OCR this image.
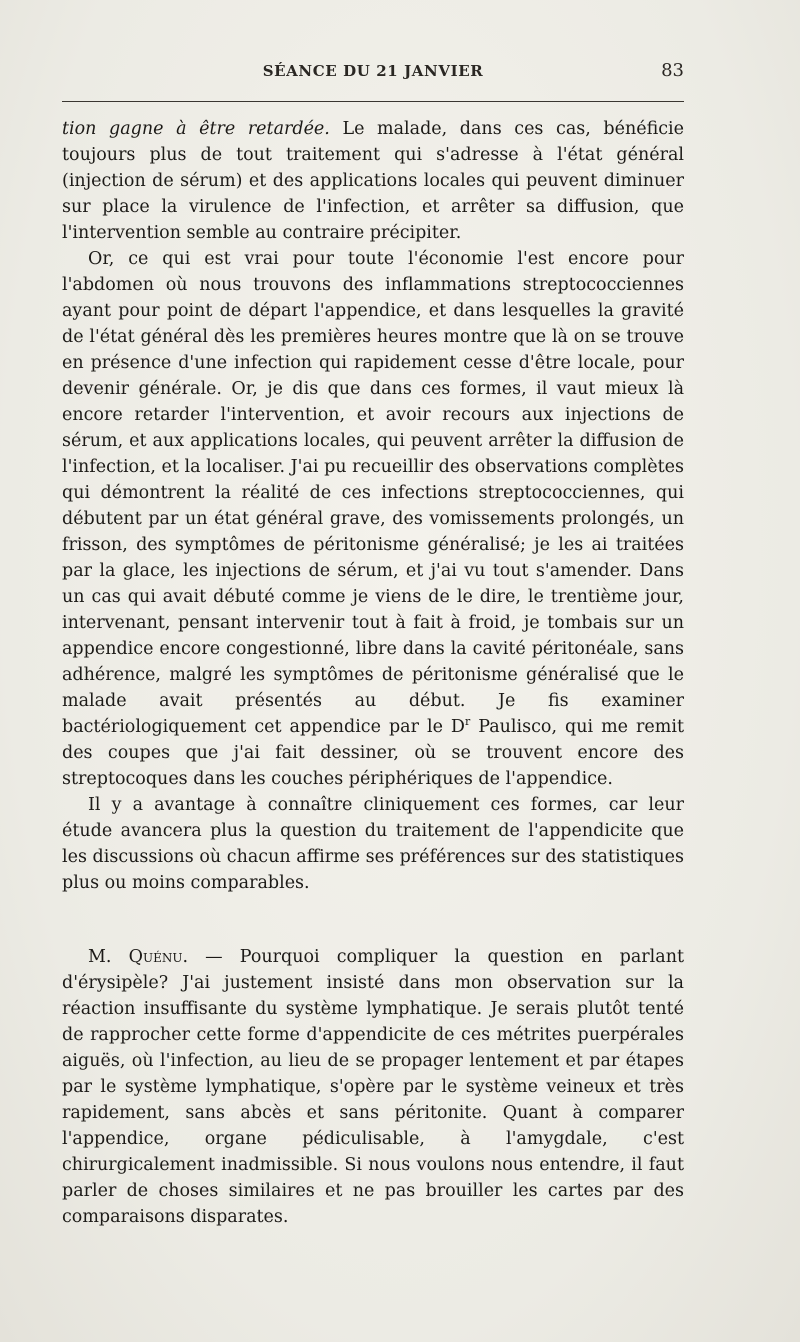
SÉANCE DU 21 JANVIER	83

tion gagne à être retardée. Le malade, dans ces cas, bénéficie toujours plus de tout traitement qui s'adresse à l'état général (injection de sérum) et des applications locales qui peuvent diminuer sur place la virulence de l'infection, et arrêter sa diffusion, que l'intervention semble au contraire précipiter.

Or, ce qui est vrai pour toute l'économie l'est encore pour l'abdomen où nous trouvons des inflammations streptococciennes ayant pour point de départ l'appendice, et dans lesquelles la gravité de l'état général dès les premières heures montre que là on se trouve en présence d'une infection qui rapidement cesse d'être locale, pour devenir générale. Or, je dis que dans ces formes, il vaut mieux là encore retarder l'intervention, et avoir recours aux injections de sérum, et aux applications locales, qui peuvent arrêter la diffusion de l'infection, et la localiser. J'ai pu recueillir des observations complètes qui démontrent la réalité de ces infections streptococciennes, qui débutent par un état général grave, des vomissements prolongés, un frisson, des symptômes de péritonisme généralisé; je les ai traitées par la glace, les injections de sérum, et j'ai vu tout s'amender. Dans un cas qui avait débuté comme je viens de le dire, le trentième jour, intervenant, pensant intervenir tout à fait à froid, je tombais sur un appendice encore congestionné, libre dans la cavité péritonéale, sans adhérence, malgré les symptômes de péritonisme généralisé que le malade avait présentés au début. Je fis examiner bactériologiquement cet appendice par le $D^r$ Paulisco, qui me remit des coupes que j'ai fait dessiner, où se trouvent encore des streptocoques dans les couches périphériques de l'appendice.

Il y a avantage à connaître cliniquement ces formes, car leur étude avancera plus la question du traitement de l'appendicite que les discussions où chacun affirme ses préférences sur des statistiques plus ou moins comparables.

M. Quénu. — Pourquoi compliquer la question en parlant d'érysipèle? J'ai justement insisté dans mon observation sur la réaction insuffisante du système lymphatique. Je serais plutôt tenté de rapprocher cette forme d'appendicite de ces métrites puerpérales aiguës, où l'infection, au lieu de se propager lentement et par étapes par le système lymphatique, s'opère par le système veineux et très rapidement, sans abcès et sans péritonite. Quant à comparer l'appendice, organe pédiculisable, à l'amygdale, c'est chirurgicalement inadmissible. Si nous voulons nous entendre, il faut parler de choses similaires et ne pas brouiller les cartes par des comparaisons disparates.
